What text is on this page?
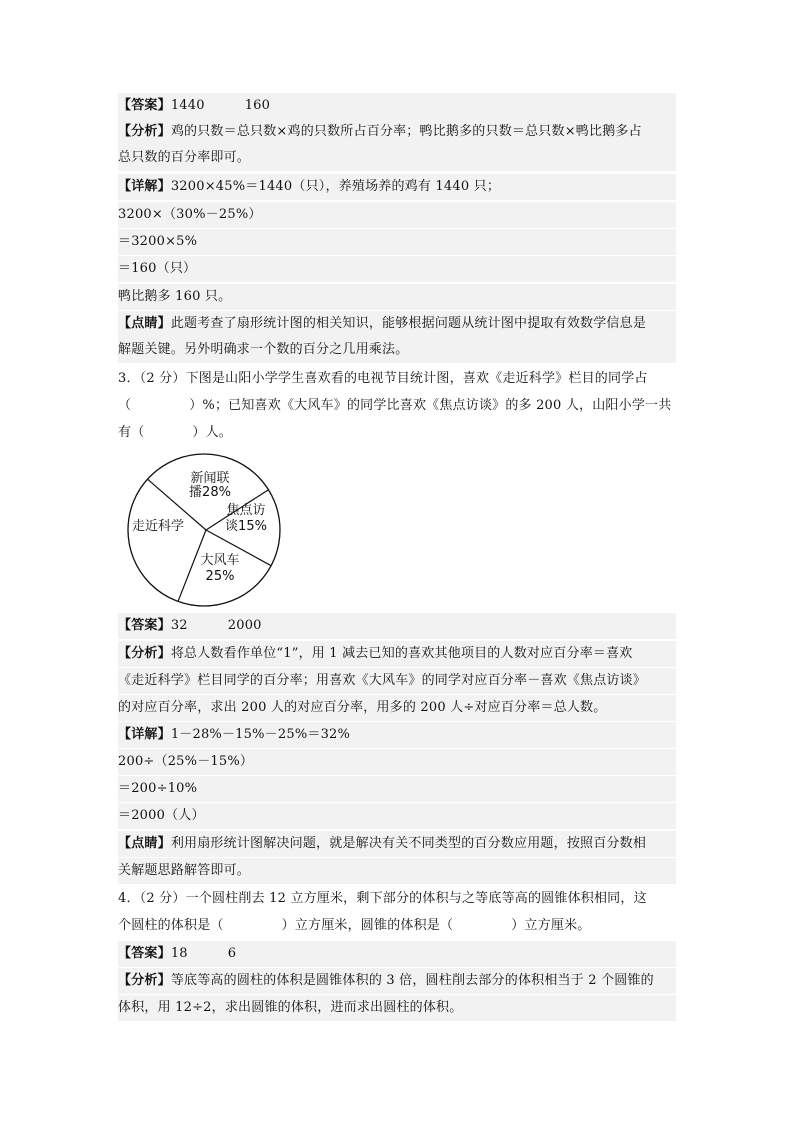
【答案】1440	160
【分析】鸡的只数＝总只数×鸡的只数所占百分率；鸭比鹅多的只数＝总只数×鸭比鹅多占
总只数的百分率即可。
【详解】3200×45%＝1440（只），养殖场养的鸡有 1440 只；
3200×（30%－25%）
＝3200×5%
＝160（只）
鸭比鹅多 160 只。
【点睛】此题考查了扇形统计图的相关知识，能够根据问题从统计图中提取有效数学信息是
解题关键。另外明确求一个数的百分之几用乘法。
3．（2 分）下图是山阳小学学生喜欢看的电视节目统计图，喜欢《走近科学》栏目的同学占
（	）%；已知喜欢《大风车》的同学比喜欢《焦点访谈》的多 200 人，山阳小学一共
有（	）人。
新闻联
播28%
焦点访
谈15%
大风车
25%
走近科学
【答案】32	2000
【分析】将总人数看作单位“1”，用 1 减去已知的喜欢其他项目的人数对应百分率＝喜欢
《走近科学》栏目同学的百分率；用喜欢《大风车》的同学对应百分率－喜欢《焦点访谈》
的对应百分率，求出 200 人的对应百分率，用多的 200 人÷对应百分率＝总人数。
【详解】1－28%－15%－25%＝32%
200÷（25%－15%）
＝200÷10%
＝2000（人）
【点睛】利用扇形统计图解决问题，就是解决有关不同类型的百分数应用题，按照百分数相
关解题思路解答即可。
4．（2 分）一个圆柱削去 12 立方厘米，剩下部分的体积与之等底等高的圆锥体积相同，这
个圆柱的体积是（	）立方厘米，圆锥的体积是（	）立方厘米。
【答案】18	6
【分析】等底等高的圆柱的体积是圆锥体积的 3 倍，圆柱削去部分的体积相当于 2 个圆锥的
体积，用 12÷2，求出圆锥的体积，进而求出圆柱的体积。
